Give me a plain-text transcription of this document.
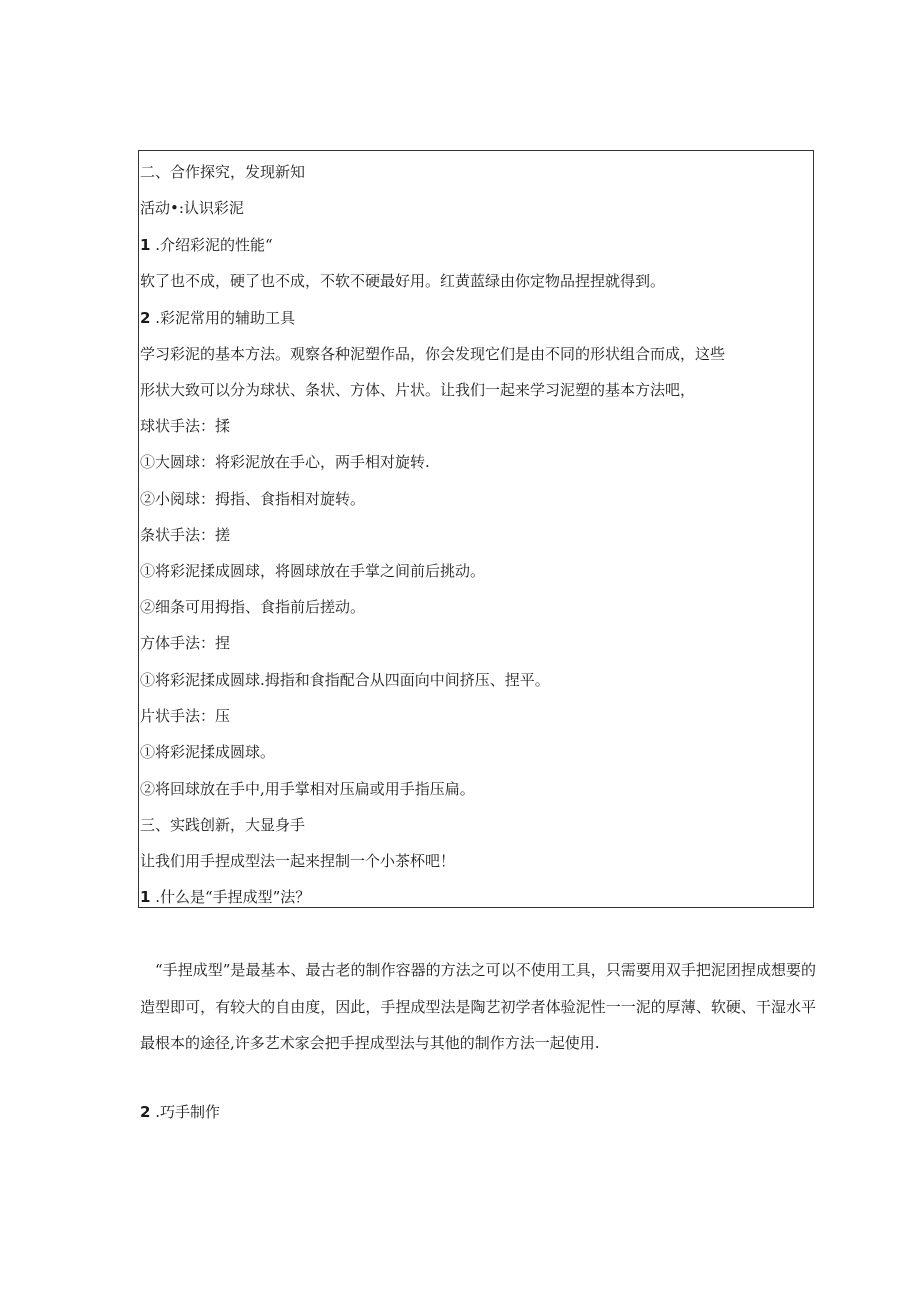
二、合作探究，发现新知
活动•:认识彩泥
1 .介绍彩泥的性能“
软了也不成，硬了也不成，不软不硬最好用。红黄蓝绿由你定物品捏捏就得到。
2 .彩泥常用的辅助工具
学习彩泥的基本方法。观察各种泥塑作品，你会发现它们是由不同的形状组合而成，这些
形状大致可以分为球状、条状、方体、片状。让我们一起来学习泥塑的基本方法吧，
球状手法：揉
①大圆球：将彩泥放在手心，两手相对旋转.
②小阅球：拇指、食指相对旋转。
条状手法：搓
①将彩泥揉成圆球，将圆球放在手掌之间前后挑动。
②细条可用拇指、食指前后搓动。
方体手法：捏
①将彩泥揉成圆球.拇指和食指配合从四面向中间挤压、捏平。
片状手法：压
①将彩泥揉成圆球。
②将回球放在手中,用手掌相对压扁或用手指压扁。
三、实践创新，大显身手
让我们用手捏成型法一起来捏制一个小茶杯吧！
1 .什么是“手捏成型”法？
“手捏成型”是最基本、最古老的制作容器的方法之可以不使用工具，只需要用双手把泥团捏成想要的造型即可，有较大的自由度，因此，手捏成型法是陶艺初学者体验泥性一一泥的厚薄、软硬、干湿水平最根本的途径,许多艺术家会把手捏成型法与其他的制作方法一起使用.
2 .巧手制作
